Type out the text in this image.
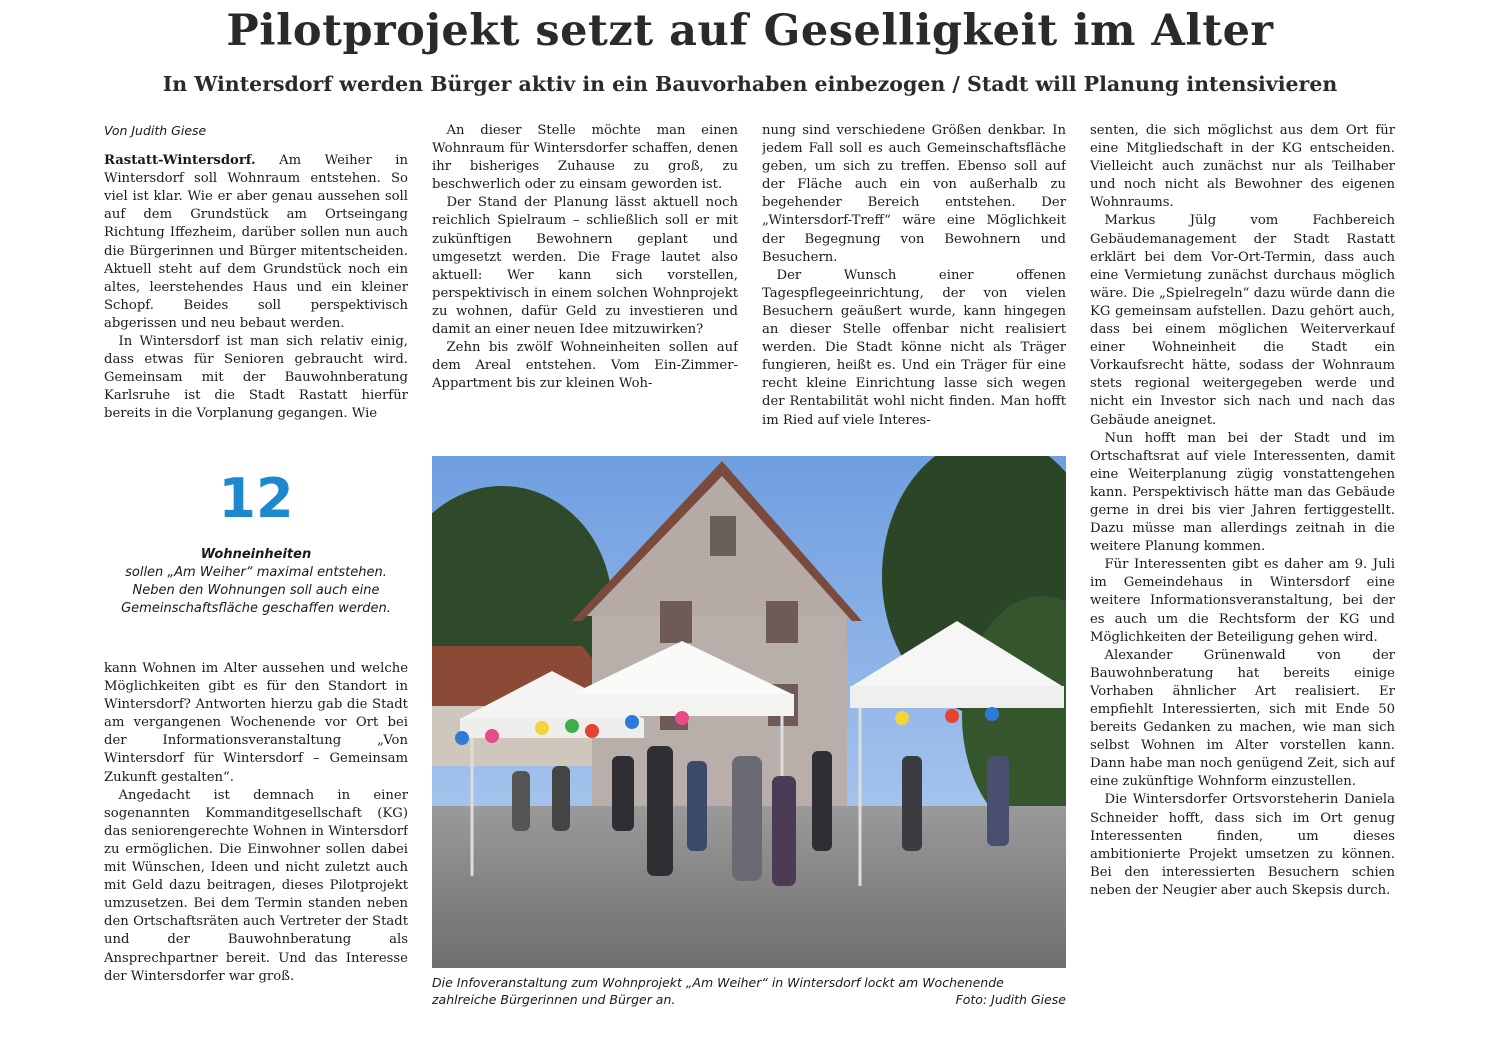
Pilotprojekt setzt auf Geselligkeit im Alter
In Wintersdorf werden Bürger aktiv in ein Bauvorhaben einbezogen / Stadt will Planung intensivieren

Von Judith Giese

Rastatt-Wintersdorf. Am Weiher in Wintersdorf soll Wohnraum entstehen. So viel ist klar. Wie er aber genau aussehen soll auf dem Grundstück am Ortseingang Richtung Iffezheim, darüber sollen nun auch die Bürgerinnen und Bürger mitentscheiden. Aktuell steht auf dem Grundstück noch ein altes, leerstehendes Haus und ein kleiner Schopf. Beides soll perspektivisch abgerissen und neu bebaut werden.

In Wintersdorf ist man sich relativ einig, dass etwas für Senioren gebraucht wird. Gemeinsam mit der Bauwohnberatung Karlsruhe ist die Stadt Rastatt hierfür bereits in die Vorplanung gegangen. Wie

12
Wohneinheiten
sollen „Am Weiher“ maximal entstehen. Neben den Wohnungen soll auch eine Gemeinschaftsfläche geschaffen werden.

kann Wohnen im Alter aussehen und welche Möglichkeiten gibt es für den Standort in Wintersdorf? Antworten hierzu gab die Stadt am vergangenen Wochenende vor Ort bei der Informationsveranstaltung „Von Wintersdorf für Wintersdorf – Gemeinsam Zukunft gestalten“.

Angedacht ist demnach in einer sogenannten Kommanditgesellschaft (KG) das seniorengerechte Wohnen in Wintersdorf zu ermöglichen. Die Einwohner sollen dabei mit Wünschen, Ideen und nicht zuletzt auch mit Geld dazu beitragen, dieses Pilotprojekt umzusetzen. Bei dem Termin standen neben den Ortschaftsräten auch Vertreter der Stadt und der Bauwohnberatung als Ansprechpartner bereit. Und das Interesse der Wintersdorfer war groß.

An dieser Stelle möchte man einen Wohnraum für Wintersdorfer schaffen, denen ihr bisheriges Zuhause zu groß, zu beschwerlich oder zu einsam geworden ist.

Der Stand der Planung lässt aktuell noch reichlich Spielraum – schließlich soll er mit zukünftigen Bewohnern geplant und umgesetzt werden. Die Frage lautet also aktuell: Wer kann sich vorstellen, perspektivisch in einem solchen Wohnprojekt zu wohnen, dafür Geld zu investieren und damit an einer neuen Idee mitzuwirken?

Zehn bis zwölf Wohneinheiten sollen auf dem Areal entstehen. Vom Ein-Zimmer-Appartment bis zur kleinen Woh-

nung sind verschiedene Größen denkbar. In jedem Fall soll es auch Gemeinschaftsfläche geben, um sich zu treffen. Ebenso soll auf der Fläche auch ein von außerhalb zu begehender Bereich entstehen. Der „Wintersdorf-Treff“ wäre eine Möglichkeit der Begegnung von Bewohnern und Besuchern.

Der Wunsch einer offenen Tagespflegeeinrichtung, der von vielen Besuchern geäußert wurde, kann hingegen an dieser Stelle offenbar nicht realisiert werden. Die Stadt könne nicht als Träger fungieren, heißt es. Und ein Träger für eine recht kleine Einrichtung lasse sich wegen der Rentabilität wohl nicht finden. Man hofft im Ried auf viele Interes-

senten, die sich möglichst aus dem Ort für eine Mitgliedschaft in der KG entscheiden. Vielleicht auch zunächst nur als Teilhaber und noch nicht als Bewohner des eigenen Wohnraums.

Markus Jülg vom Fachbereich Gebäudemanagement der Stadt Rastatt erklärt bei dem Vor-Ort-Termin, dass auch eine Vermietung zunächst durchaus möglich wäre. Die „Spielregeln“ dazu würde dann die KG gemeinsam aufstellen. Dazu gehört auch, dass bei einem möglichen Weiterverkauf einer Wohneinheit die Stadt ein Vorkaufsrecht hätte, sodass der Wohnraum stets regional weitergegeben werde und nicht ein Investor sich nach und nach das Gebäude aneignet.

Nun hofft man bei der Stadt und im Ortschaftsrat auf viele Interessenten, damit eine Weiterplanung zügig vonstattengehen kann. Perspektivisch hätte man das Gebäude gerne in drei bis vier Jahren fertiggestellt. Dazu müsse man allerdings zeitnah in die weitere Planung kommen.

Für Interessenten gibt es daher am 9. Juli im Gemeindehaus in Wintersdorf eine weitere Informationsveranstaltung, bei der es auch um die Rechtsform der KG und Möglichkeiten der Beteiligung gehen wird.

Alexander Grünenwald von der Bauwohnberatung hat bereits einige Vorhaben ähnlicher Art realisiert. Er empfiehlt Interessierten, sich mit Ende 50 bereits Gedanken zu machen, wie man sich selbst Wohnen im Alter vorstellen kann. Dann habe man noch genügend Zeit, sich auf eine zukünftige Wohnform einzustellen.

Die Wintersdorfer Ortsvorsteherin Daniela Schneider hofft, dass sich im Ort genug Interessenten finden, um dieses ambitionierte Projekt umsetzen zu können. Bei den interessierten Besuchern schien neben der Neugier aber auch Skepsis durch.

Die Infoveranstaltung zum Wohnprojekt „Am Weiher“ in Wintersdorf lockt am Wochenende zahlreiche Bürgerinnen und Bürger an.	Foto: Judith Giese
